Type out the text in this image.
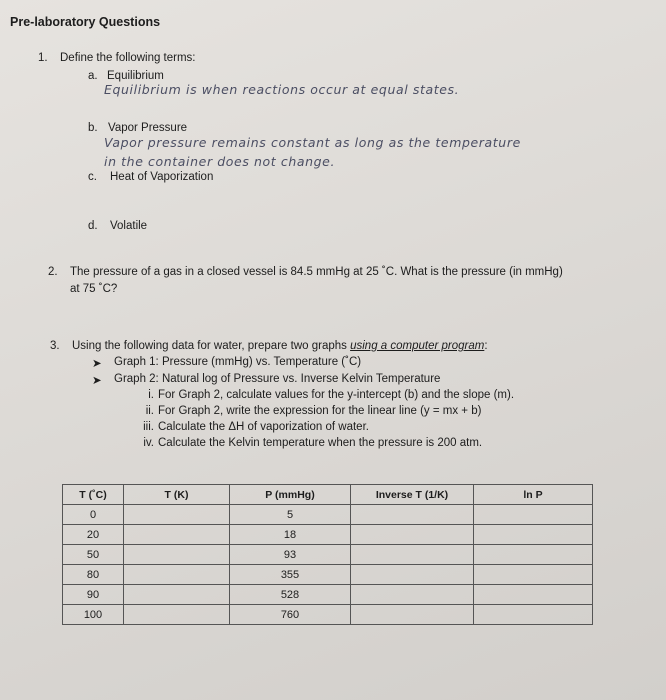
Pre-laboratory Questions
1. Define the following terms:
a. Equilibrium
Equilibrium is when reactions occur at equal states.
b. Vapor Pressure
Vapor pressure remains constant as long as the temperature
in the container does not change.
c. Heat of Vaporization
d. Volatile
2. The pressure of a gas in a closed vessel is 84.5 mmHg at 25 ˚C. What is the pressure (in mmHg)
at 75 ˚C?
3. Using the following data for water, prepare two graphs using a computer program:
➤ Graph 1: Pressure (mmHg) vs. Temperature (˚C)
➤ Graph 2: Natural log of Pressure vs. Inverse Kelvin Temperature
i. For Graph 2, calculate values for the y-intercept (b) and the slope (m).
ii. For Graph 2, write the expression for the linear line (y = mx + b)
iii. Calculate the ΔH of vaporization of water.
iv. Calculate the Kelvin temperature when the pressure is 200 atm.
T (˚C)	T (K)	P (mmHg)	Inverse T (1/K)	ln P
0		5		
20		18		
50		93		
80		355		
90		528		
100		760		
